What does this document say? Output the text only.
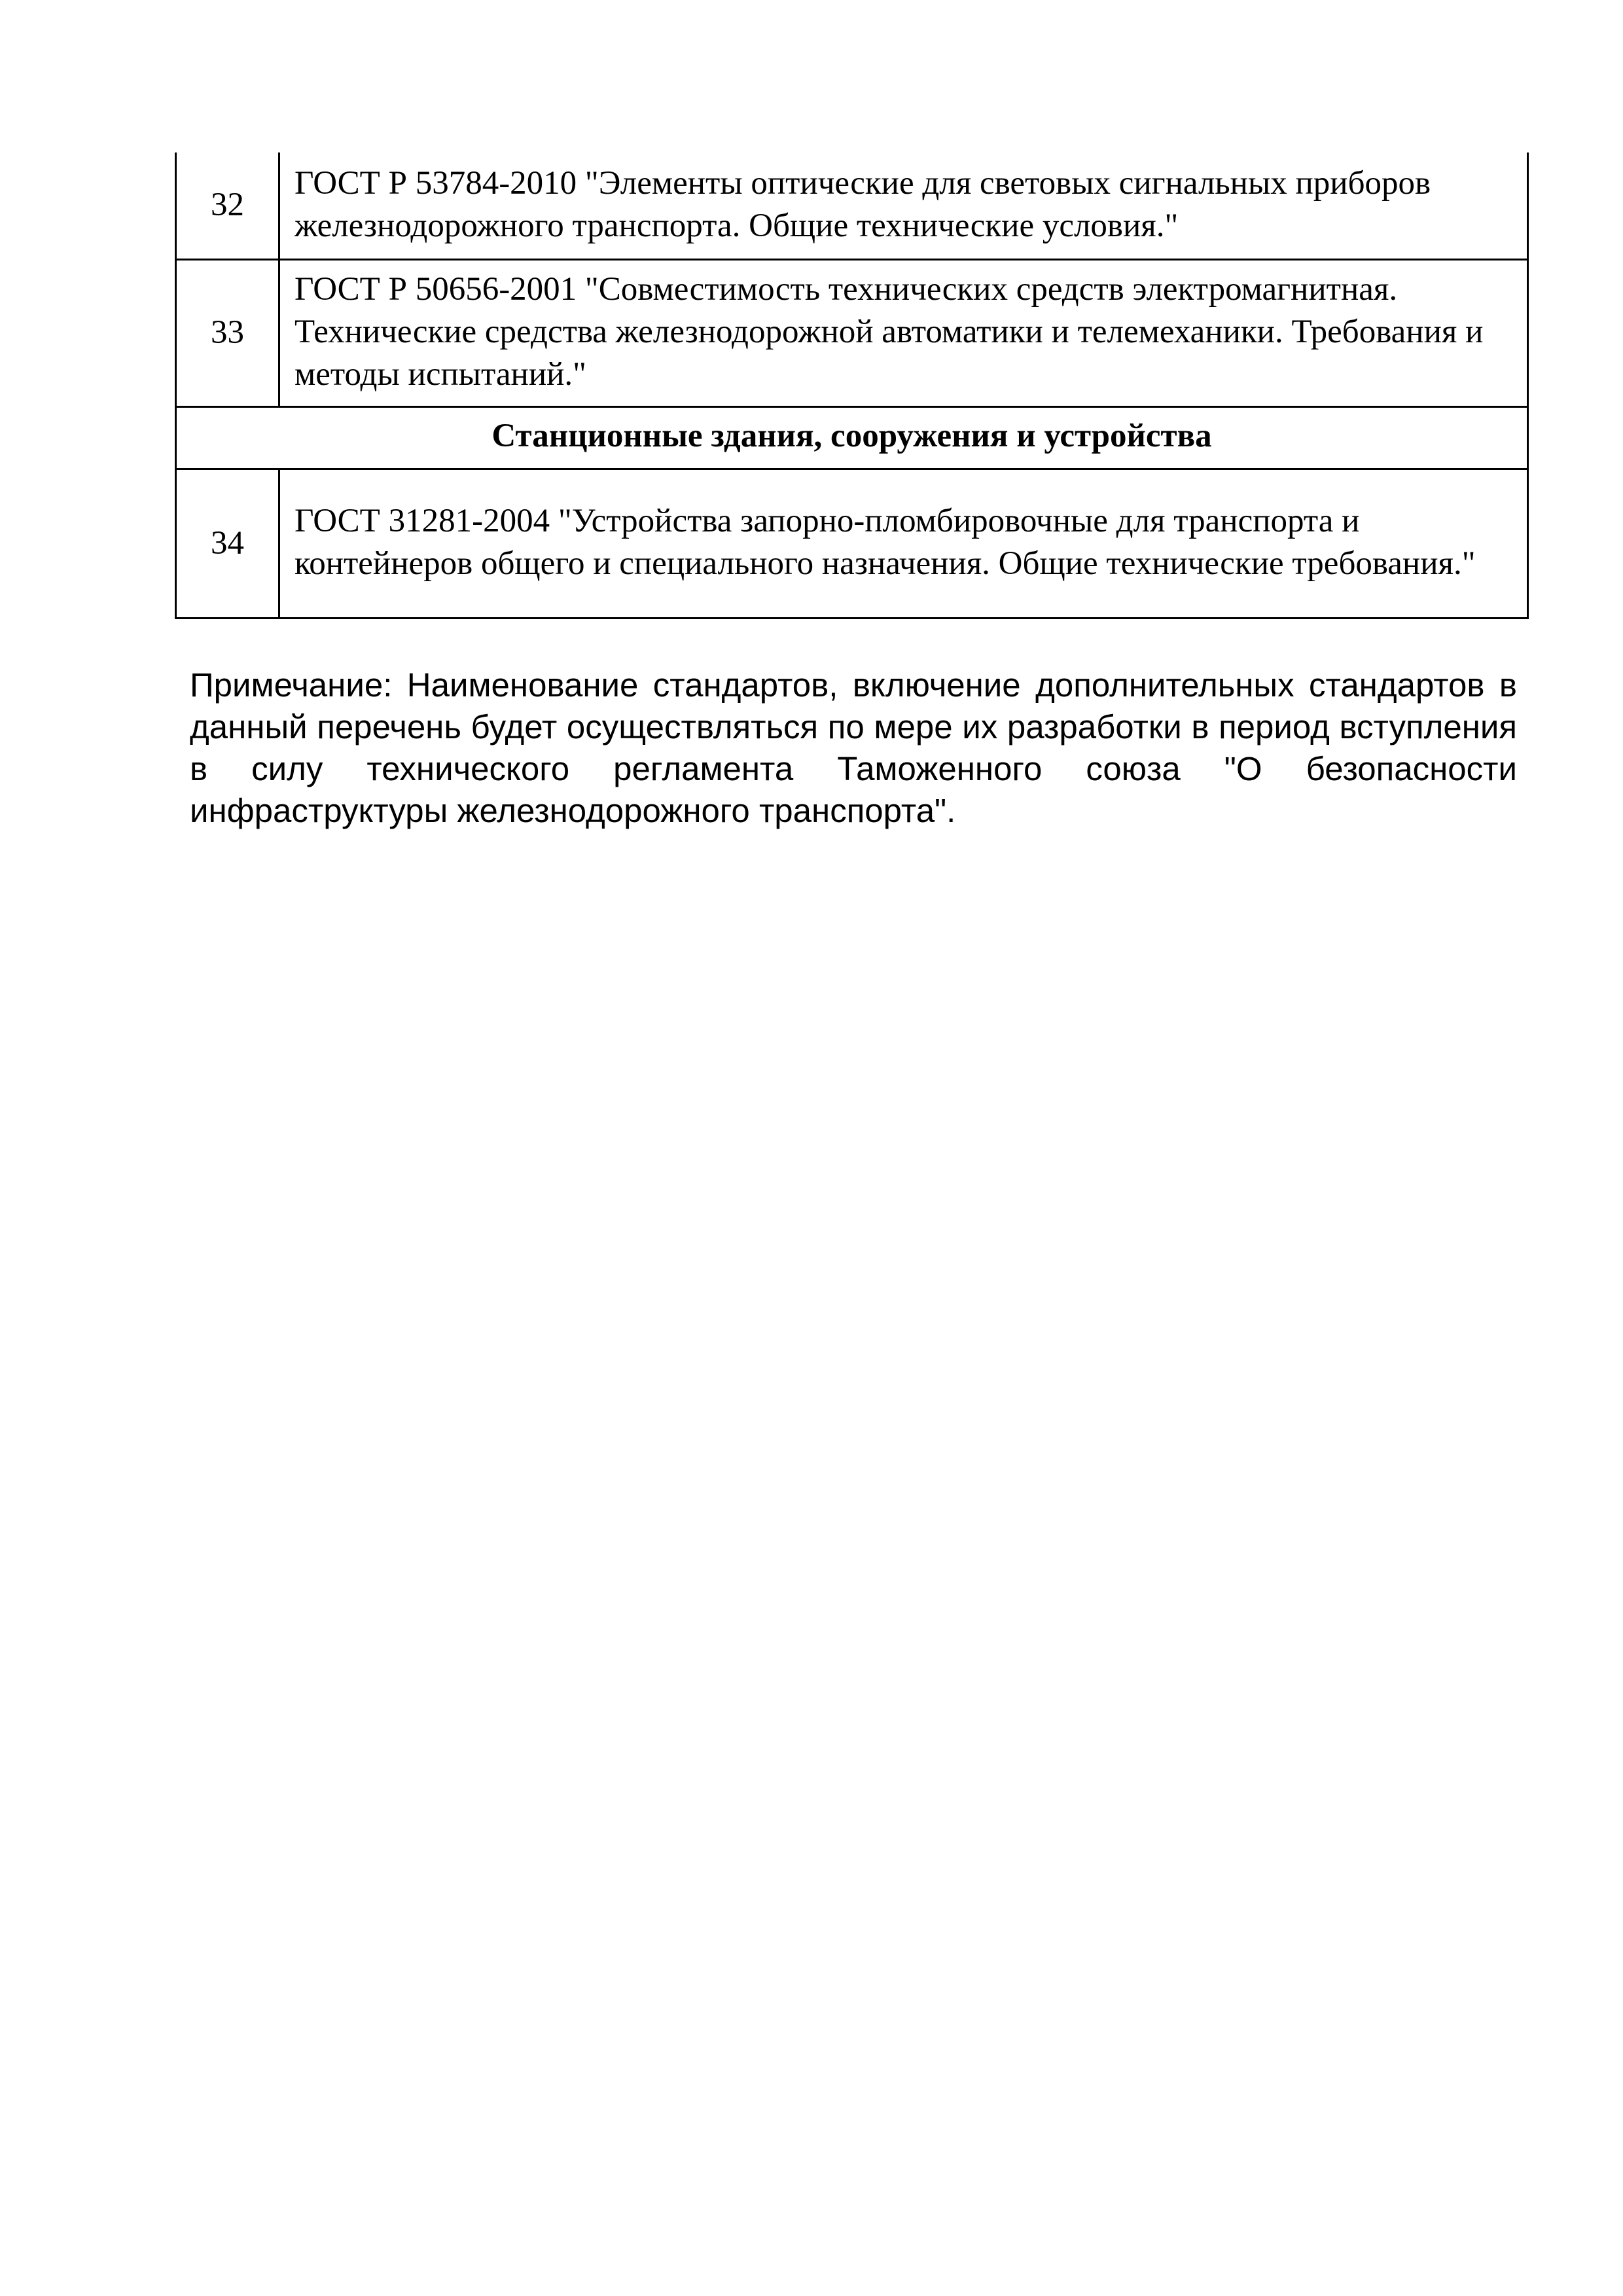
32	ГОСТ Р 53784-2010 "Элементы оптические для световых сигнальных приборов железнодорожного транспорта. Общие технические условия."
33	ГОСТ Р 50656-2001 "Совместимость технических средств электромагнитная. Технические средства железнодорожной автоматики и телемеханики. Требования и методы испытаний."
Станционные здания, сооружения и устройства	
34	ГОСТ 31281-2004 "Устройства запорно-пломбировочные для транспорта и контейнеров общего и специального назначения. Общие технические требования."

Примечание: Наименование стандартов, включение дополнительных стандартов в данный перечень будет осуществляться по мере их разработки в период вступления в силу технического регламента Таможенного союза "О безопасности инфраструктуры железнодорожного транспорта".
